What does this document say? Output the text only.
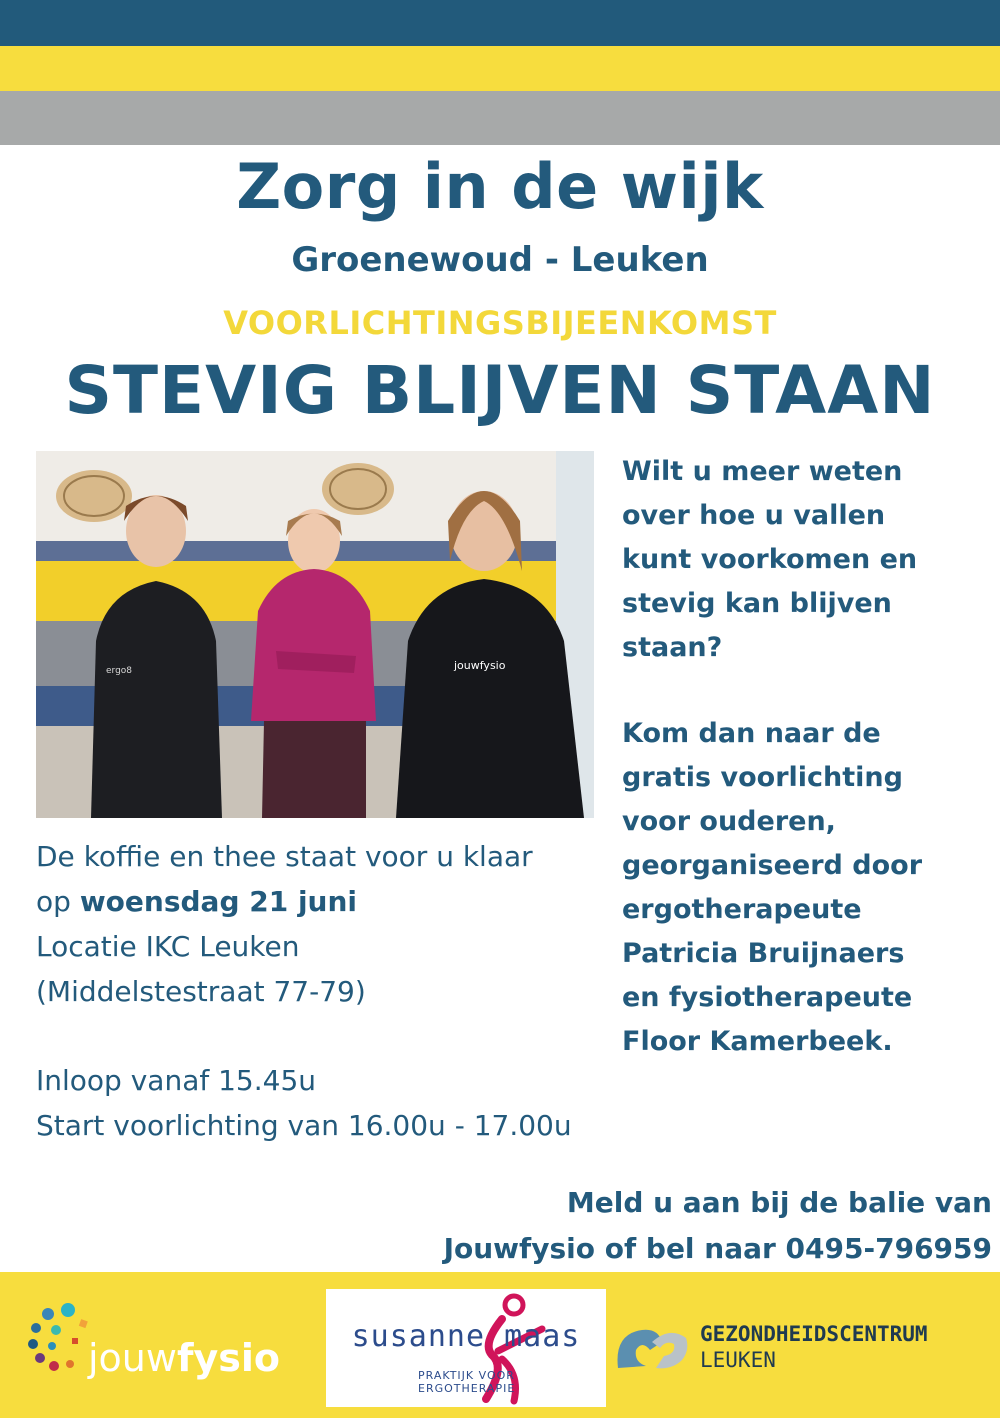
Zorg in de wijk
Groenewoud - Leuken
VOORLICHTINGSBIJEENKOMST
STEVIG BLIJVEN STAAN
ergo8	jouwfysio

Wilt u meer weten

over hoe u vallen

kunt voorkomen en

stevig kan blijven

staan?

Kom dan naar de

gratis voorlichting

voor ouderen,

georganiseerd door

ergotherapeute

Patricia Bruijnaers

en fysiotherapeute

Floor Kamerbeek.

De koffie en thee staat voor u klaar

op woensdag 21 juni

Locatie IKC Leuken

(Middelstestraat 77-79)

Inloop vanaf 15.45u

Start voorlichting van 16.00u - 17.00u

Meld u aan bij de balie van
Jouwfysio of bel naar 0495-796959
jouwfysio	susanne maas
PRAKTIJK VOOR ERGOTHERAPIE
GEZONDHEIDSCENTRUM
LEUKEN
